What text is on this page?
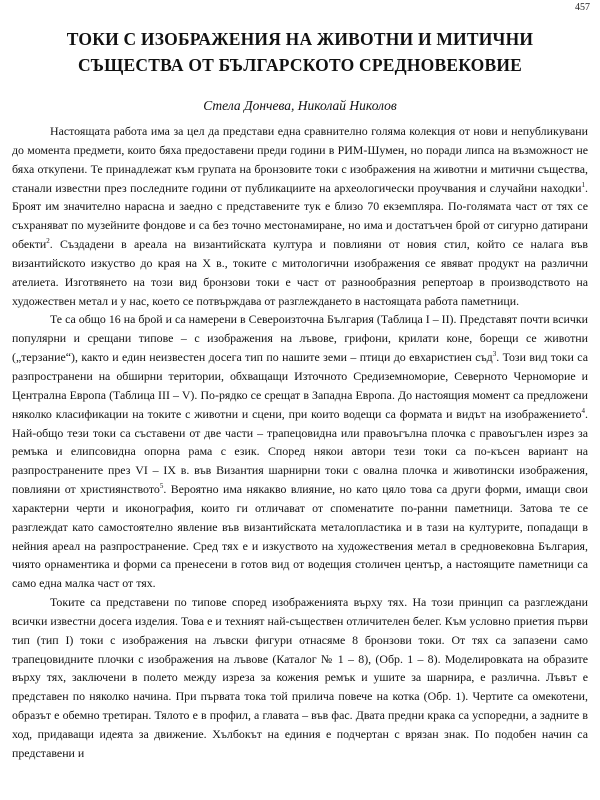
457
ТОКИ С ИЗОБРАЖЕНИЯ НА ЖИВОТНИ И МИТИЧНИ
СЪЩЕСТВА ОТ БЪЛГАРСКОТО СРЕДНОВЕКОВИЕ
Стела Дончева, Николай Николов

Настоящата работа има за цел да представи една сравнително голяма колекция от нови и непубликувани до момента предмети, които бяха предоставени преди години в РИМ-Шумен, но поради липса на възможност не бяха откупени. Те принадлежат към групата на бронзовите токи с изображения на животни и митични същества, станали известни през последните години от публикациите на археологически проучвания и случайни находки$^1$. Броят им значително нарасна и заедно с представените тук е близо 70 екземпляра. По-голямата част от тях се съхраняват по музейните фондове и са без точно местонамиране, но има и достатъчен брой от сигурно датирани обекти$^2$. Създадени в ареала на византийската култура и повлияни от новия стил, който се налага във византийското изкуство до края на X в., токите с митологични изображения се явяват продукт на различни ателиета. Изготвянето на този вид бронзови токи е част от разнообразния репертоар в производството на художествен метал и у нас, което се потвърждава от разглеждането в настоящата работа паметници.

Те са общо 16 на брой и са намерени в Североизточна България (Таблица I – II). Представят почти всички популярни и срещани типове – с изображения на лъвове, грифони, крилати коне, борещи се животни („терзание“), както и един неизвестен досега тип по нашите земи – птици до евхаристиен съд$^3$. Този вид токи са разпространени на обширни територии, обхващащи Източното Средиземноморие, Северното Черноморие и Централна Европа (Таблица III – V). По-рядко се срещат в Западна Европа. До настоящия момент са предложени няколко класификации на токите с животни и сцени, при които водещи са формата и видът на изображението$^4$. Най-общо тези токи са съставени от две части – трапецовидна или правоъгълна плочка с правоъгълен изрез за ремъка и елипсовидна опорна рама с език. Според някои автори тези токи са по-късен вариант на разпространените през VI – IX в. във Византия шарнирни токи с овална плочка и животински изображения, повлияни от християнството$^5$. Вероятно има някакво влияние, но като цяло това са други форми, имащи свои характерни черти и иконография, които ги отличават от споменатите по-ранни паметници. Затова те се разглеждат като самостоятелно явление във византийската металопластика и в тази на културите, попадащи в нейния ареал на разпространение. Сред тях е и изкуството на художествения метал в средновековна България, чиято орнаментика и форми са пренесени в готов вид от водещия столичен център, а настоящите паметници са само една малка част от тях.

Токите са представени по типове според изображенията върху тях. На този принцип са разглеждани всички известни досега изделия. Това е и техният най-съществен отличителен белег. Към условно приетия първи тип (тип I) токи с изображения на лъвски фигури отнасяме 8 бронзови токи. От тях са запазени само трапецовидните плочки с изображения на лъвове (Каталог № 1 – 8), (Обр. 1 – 8). Моделировката на образите върху тях, заключени в полето между изреза за кожения ремък и ушите за шарнира, е различна. Лъвът е представен по няколко начина. При първата тока той прилича повече на котка (Обр. 1). Чертите са омекотени, образът е обемно третиран. Тялото е в профил, а главата – във фас. Двата предни крака са успоредни, а задните в ход, придаващи идеята за движение. Хълбокът на единия е подчертан с врязан знак. По подобен начин са представени и
